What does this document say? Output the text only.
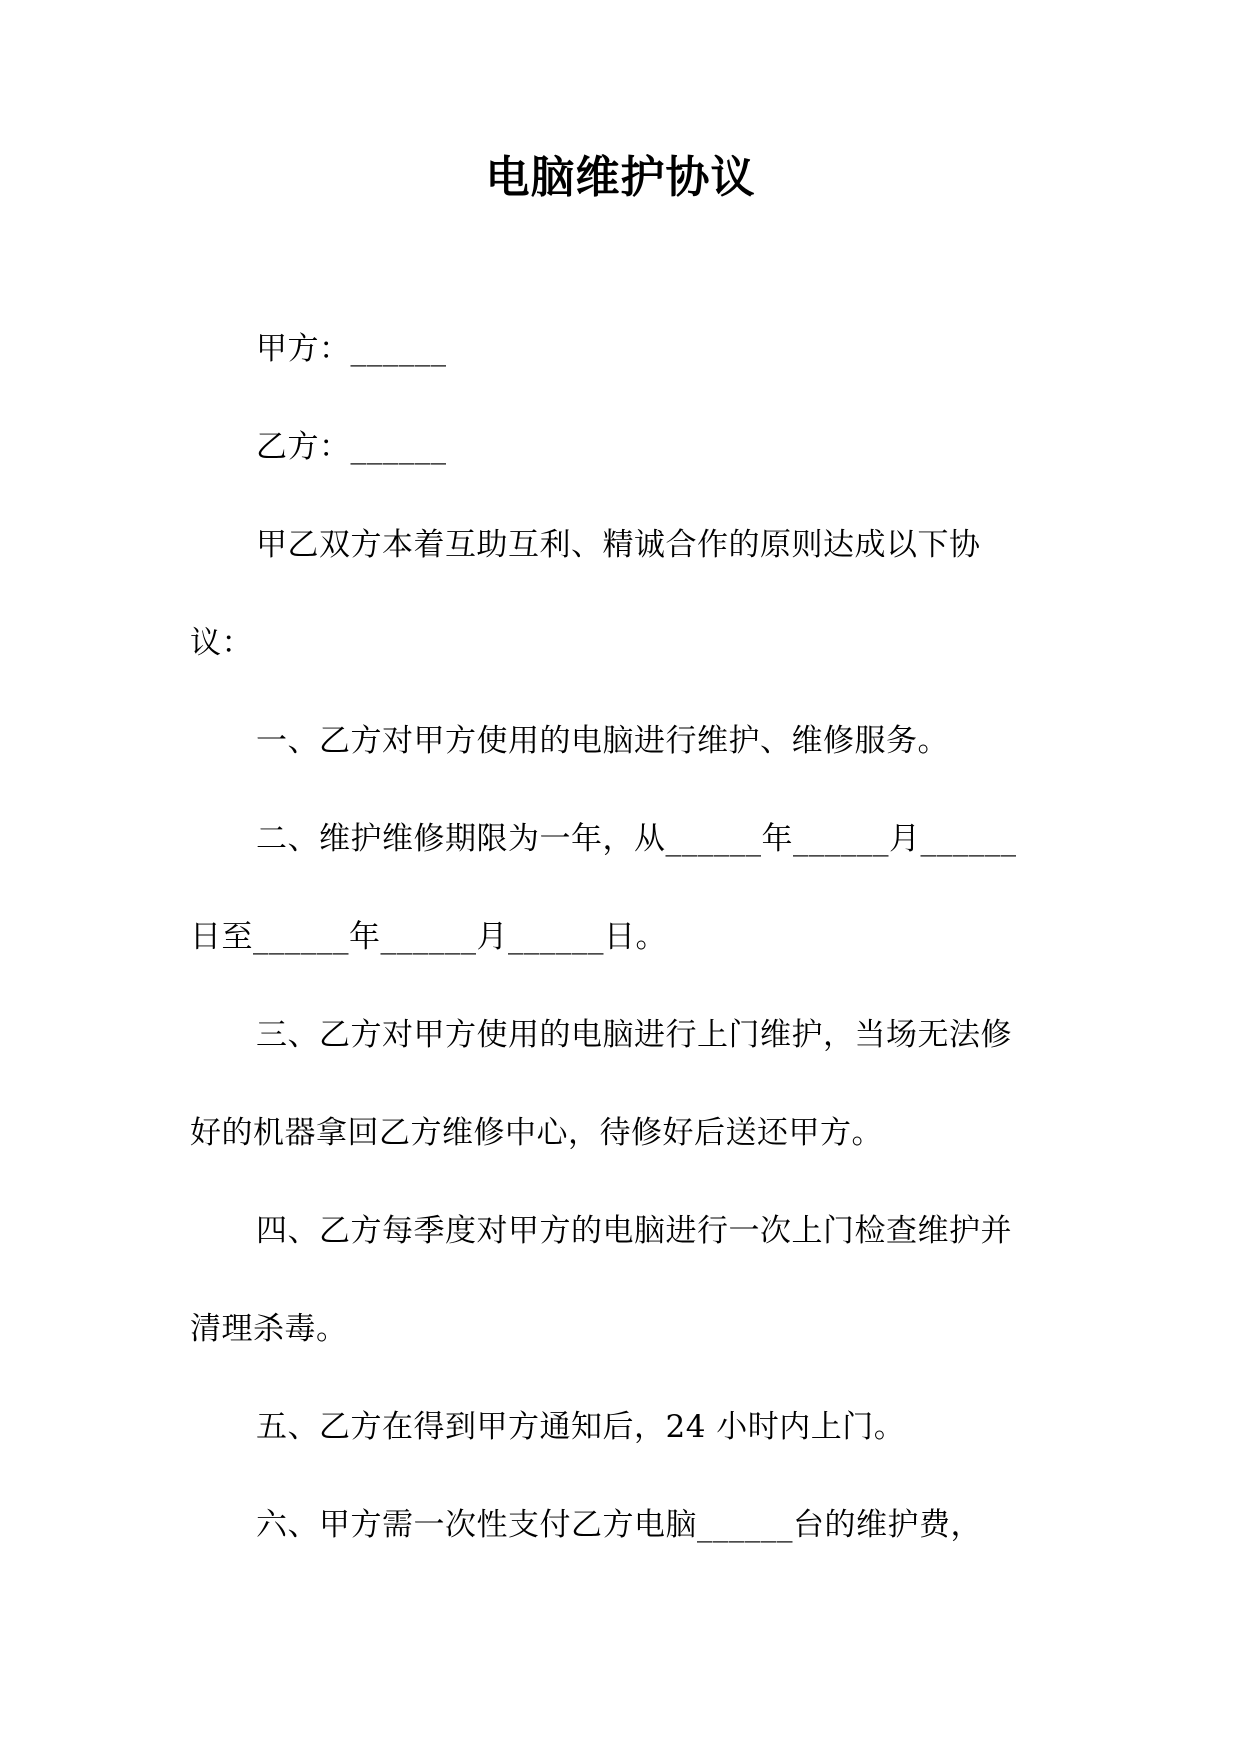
电脑维护协议

甲方：______

乙方：______

甲乙双方本着互助互利、精诚合作的原则达成以下协议：

一、乙方对甲方使用的电脑进行维护、维修服务。

二、维护维修期限为一年，从______年______月______日至______年______月______日。

三、乙方对甲方使用的电脑进行上门维护，当场无法修好的机器拿回乙方维修中心，待修好后送还甲方。

四、乙方每季度对甲方的电脑进行一次上门检查维护并清理杀毒。

五、乙方在得到甲方通知后，24 小时内上门。

六、甲方需一次性支付乙方电脑______台的维护费，
